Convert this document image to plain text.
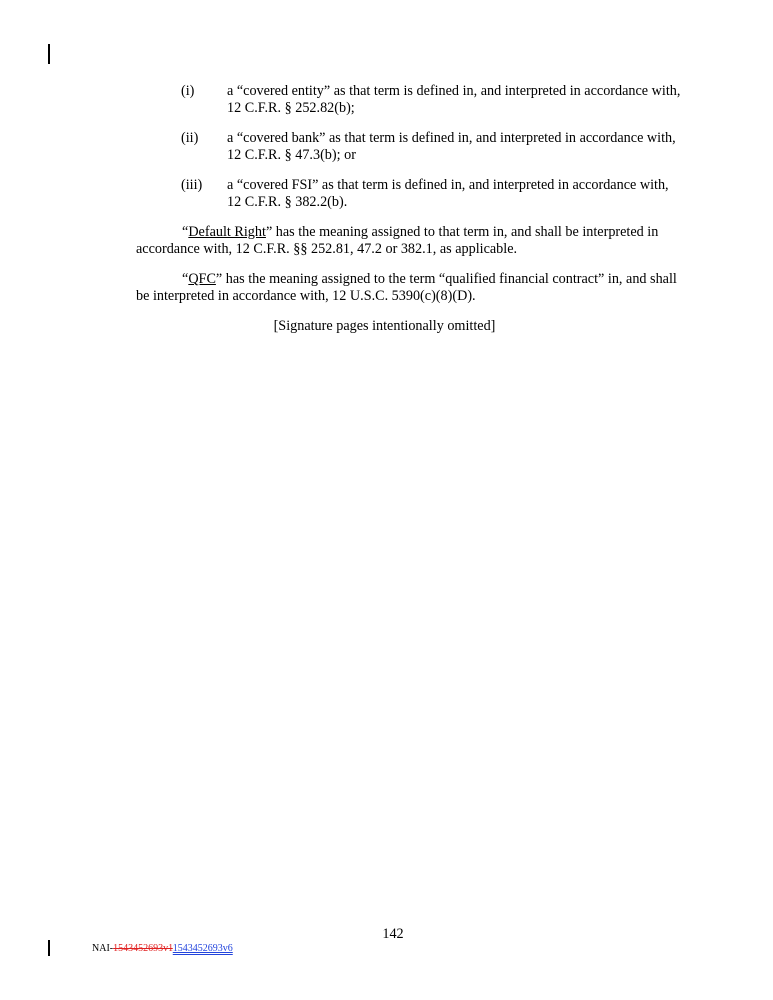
(i) a “covered entity” as that term is defined in, and interpreted in accordance with, 12 C.F.R. § 252.82(b);
(ii) a “covered bank” as that term is defined in, and interpreted in accordance with, 12 C.F.R. § 47.3(b); or
(iii) a “covered FSI” as that term is defined in, and interpreted in accordance with, 12 C.F.R. § 382.2(b).
“Default Right” has the meaning assigned to that term in, and shall be interpreted in accordance with, 12 C.F.R. §§ 252.81, 47.2 or 382.1, as applicable.
“QFC” has the meaning assigned to the term “qualified financial contract” in, and shall be interpreted in accordance with, 12 U.S.C. 5390(c)(8)(D).
[Signature pages intentionally omitted]
142
NAI-1543452693v11543452693v6
